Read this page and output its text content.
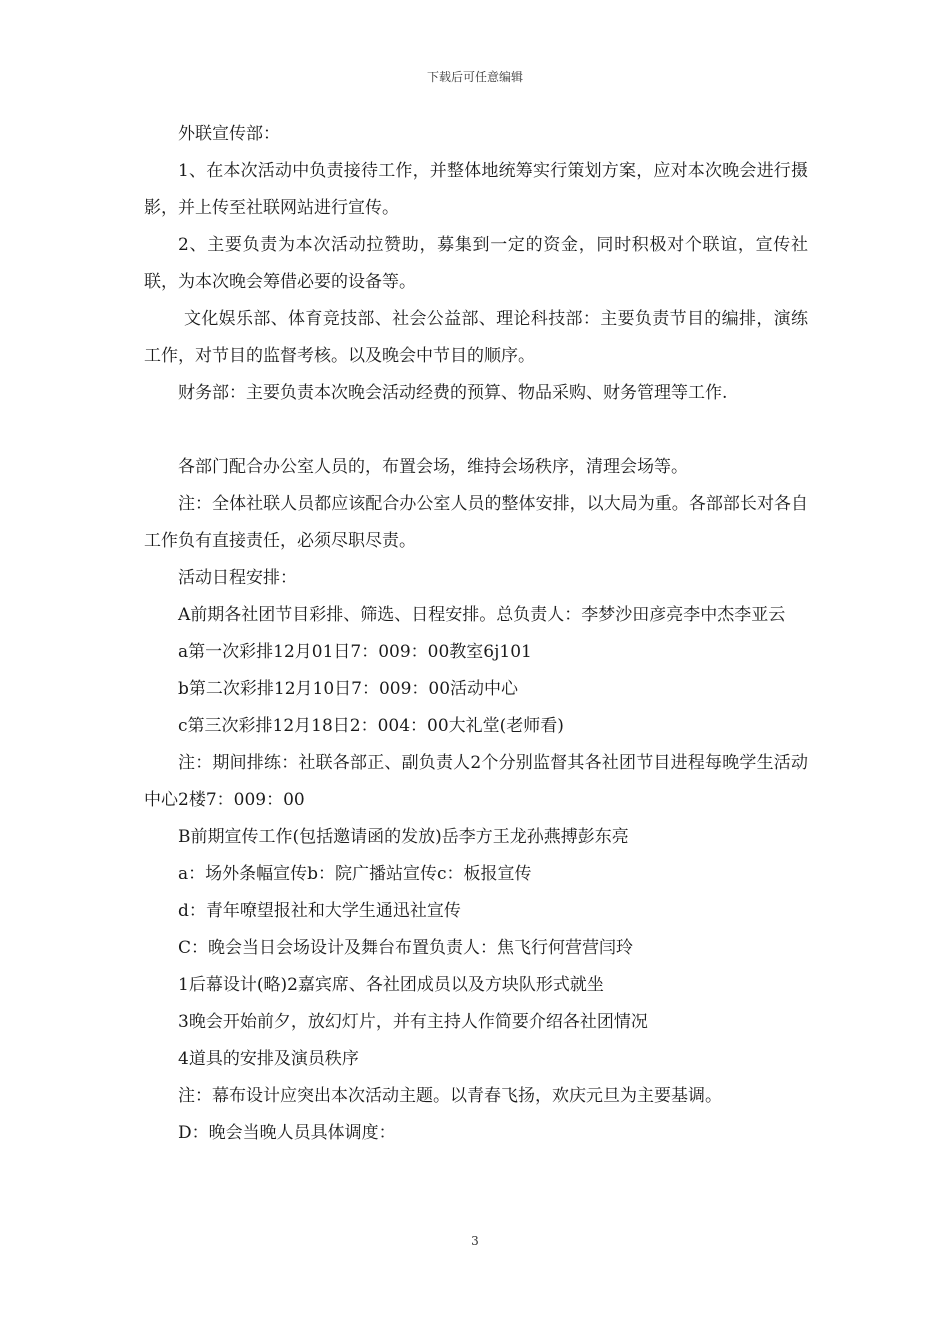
下载后可任意编辑

外联宣传部：

1、在本次活动中负责接待工作，并整体地统筹实行策划方案，应对本次晚会进行摄影，并上传至社联网站进行宣传。

2、主要负责为本次活动拉赞助，募集到一定的资金，同时积极对个联谊，宣传社联，为本次晚会筹借必要的设备等。

文化娱乐部、体育竞技部、社会公益部、理论科技部：主要负责节目的编排，演练工作，对节目的监督考核。以及晚会中节目的顺序。

财务部：主要负责本次晚会活动经费的预算、物品采购、财务管理等工作.

各部门配合办公室人员的，布置会场，维持会场秩序，清理会场等。

注：全体社联人员都应该配合办公室人员的整体安排，以大局为重。各部部长对各自工作负有直接责任，必须尽职尽责。

活动日程安排：

A前期各社团节目彩排、筛选、日程安排。总负责人：李梦沙田彦亮李中杰李亚云

a第一次彩排12月01日7：009：00教室6j101

b第二次彩排12月10日7：009：00活动中心

c第三次彩排12月18日2：004：00大礼堂(老师看)

注：期间排练：社联各部正、副负责人2个分别监督其各社团节目进程每晚学生活动中心2楼7：009：00

B前期宣传工作(包括邀请函的发放)岳李方王龙孙燕搏彭东亮

a：场外条幅宣传b：院广播站宣传c：板报宣传

d：青年嘹望报社和大学生通迅社宣传

C：晚会当日会场设计及舞台布置负责人：焦飞行何营营闫玲

1后幕设计(略)2嘉宾席、各社团成员以及方块队形式就坐

3晚会开始前夕，放幻灯片，并有主持人作简要介绍各社团情况

4道具的安排及演员秩序

注：幕布设计应突出本次活动主题。以青春飞扬，欢庆元旦为主要基调。

D：晚会当晚人员具体调度：

3
